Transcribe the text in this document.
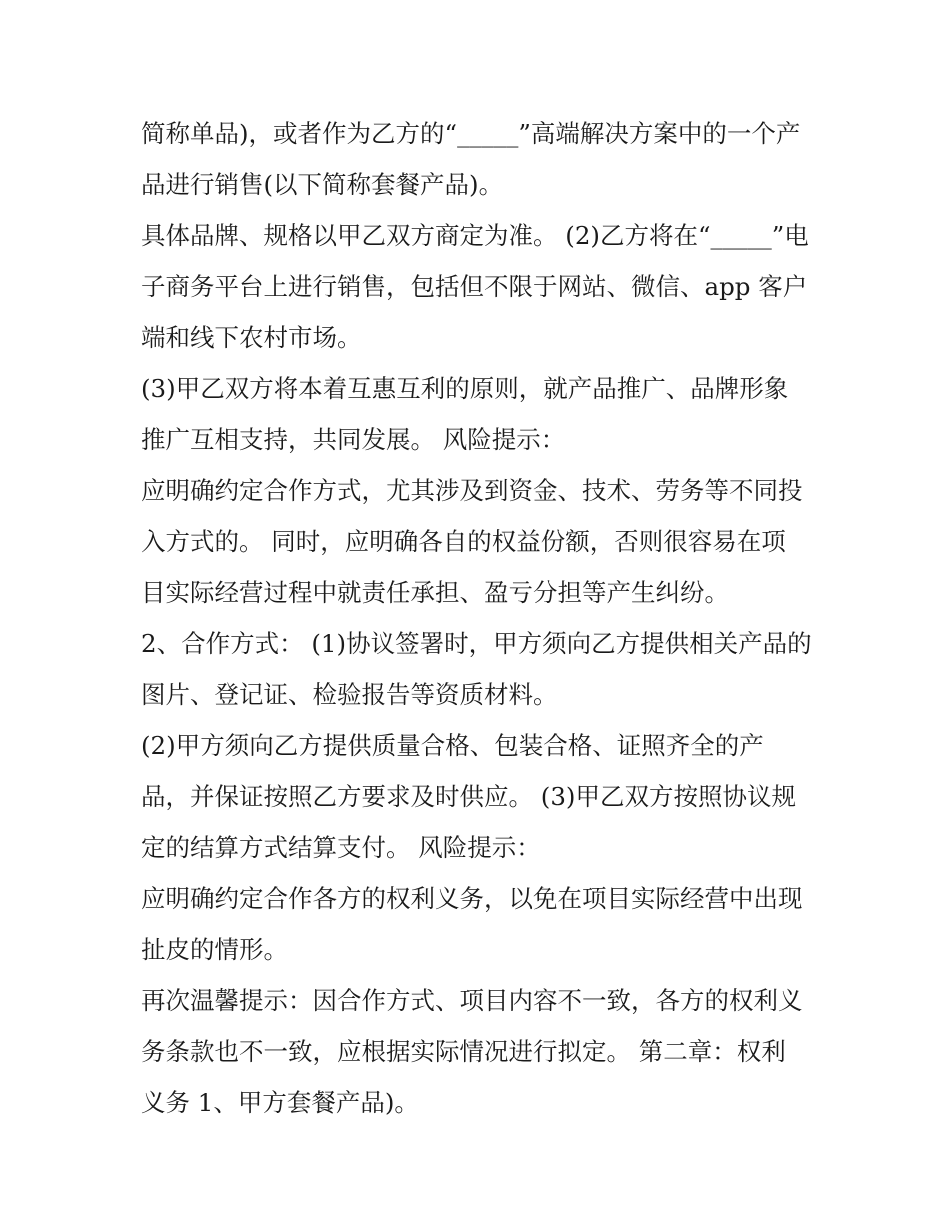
简称单品)，或者作为乙方的“_____”高端解决方案中的一个产
品进行销售(以下简称套餐产品)。
具体品牌、规格以甲乙双方商定为准。 (2)乙方将在“_____”电
子商务平台上进行销售，包括但不限于网站、微信、app 客户
端和线下农村市场。
(3)甲乙双方将本着互惠互利的原则，就产品推广、品牌形象
推广互相支持，共同发展。 风险提示：
应明确约定合作方式，尤其涉及到资金、技术、劳务等不同投
入方式的。 同时，应明确各自的权益份额，否则很容易在项
目实际经营过程中就责任承担、盈亏分担等产生纠纷。
2、合作方式： (1)协议签署时，甲方须向乙方提供相关产品的
图片、登记证、检验报告等资质材料。
(2)甲方须向乙方提供质量合格、包装合格、证照齐全的产
品，并保证按照乙方要求及时供应。 (3)甲乙双方按照协议规
定的结算方式结算支付。 风险提示：
应明确约定合作各方的权利义务，以免在项目实际经营中出现
扯皮的情形。
再次温馨提示：因合作方式、项目内容不一致，各方的权利义
务条款也不一致，应根据实际情况进行拟定。 第二章：权利
义务 1、甲方套餐产品)。
